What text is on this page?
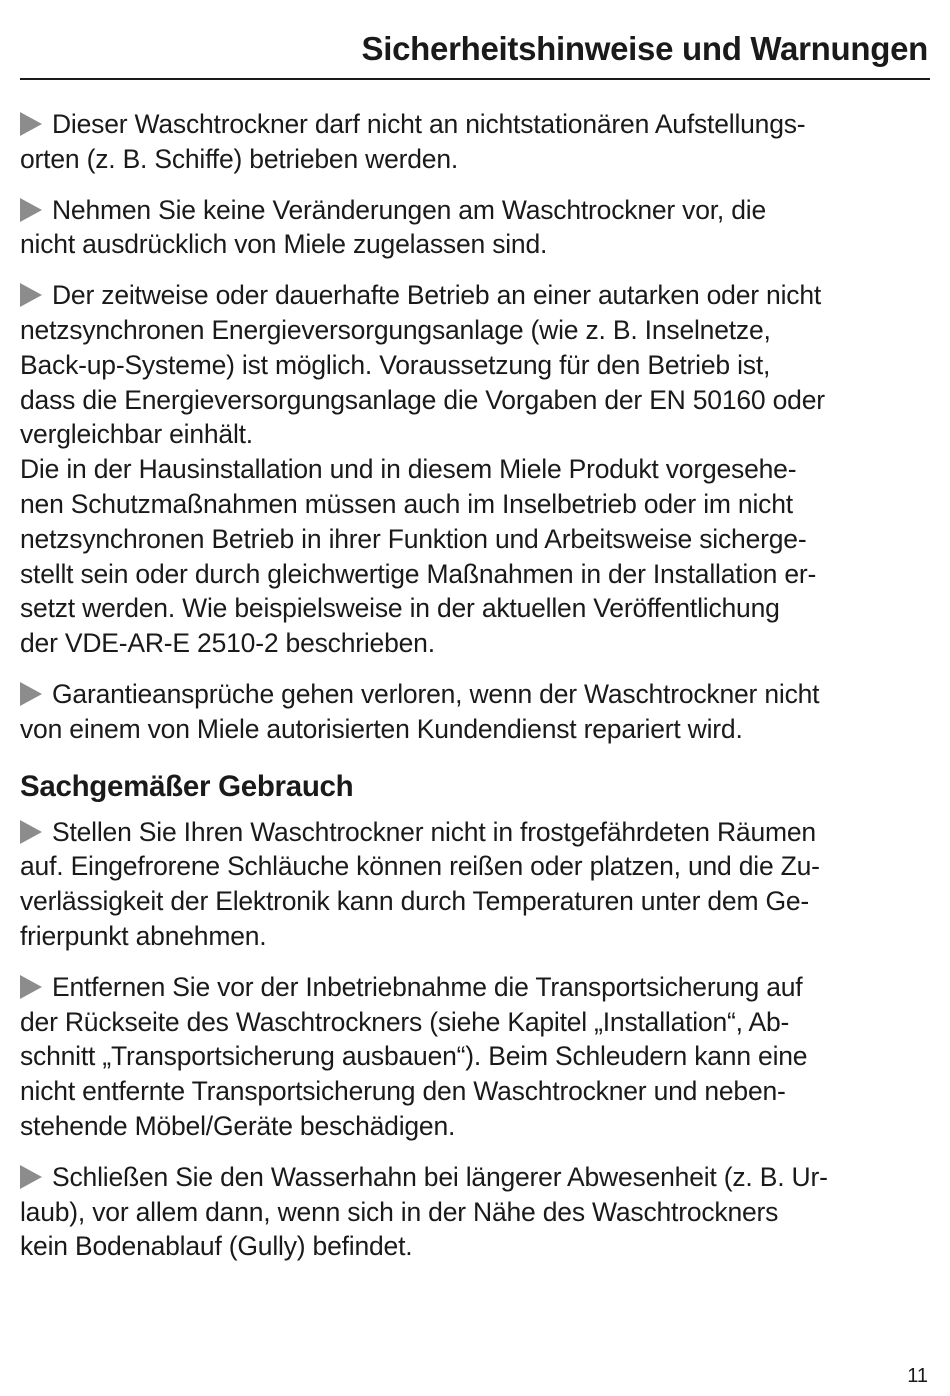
Sicherheitshinweise und Warnungen

Dieser Waschtrockner darf nicht an nichtstationären Aufstellungs-
orten (z. B. Schiffe) betrieben werden.

Nehmen Sie keine Veränderungen am Waschtrockner vor, die
nicht ausdrücklich von Miele zugelassen sind.

Der zeitweise oder dauerhafte Betrieb an einer autarken oder nicht
netzsynchronen Energieversorgungsanlage (wie z. B. Inselnetze,
Back-up-Systeme) ist möglich. Voraussetzung für den Betrieb ist,
dass die Energieversorgungsanlage die Vorgaben der EN 50160 oder
vergleichbar einhält.
Die in der Hausinstallation und in diesem Miele Produkt vorgesehe-
nen Schutzmaßnahmen müssen auch im Inselbetrieb oder im nicht
netzsynchronen Betrieb in ihrer Funktion und Arbeitsweise sicherge-
stellt sein oder durch gleichwertige Maßnahmen in der Installation er-
setzt werden. Wie beispielsweise in der aktuellen Veröffentlichung
der VDE-AR-E 2510-2 beschrieben.

Garantieansprüche gehen verloren, wenn der Waschtrockner nicht
von einem von Miele autorisierten Kundendienst repariert wird.

Sachgemäßer Gebrauch

Stellen Sie Ihren Waschtrockner nicht in frostgefährdeten Räumen
auf. Eingefrorene Schläuche können reißen oder platzen, und die Zu-
verlässigkeit der Elektronik kann durch Temperaturen unter dem Ge-
frierpunkt abnehmen.

Entfernen Sie vor der Inbetriebnahme die Transportsicherung auf
der Rückseite des Waschtrockners (siehe Kapitel „Installation“, Ab-
schnitt „Transportsicherung ausbauen“). Beim Schleudern kann eine
nicht entfernte Transportsicherung den Waschtrockner und neben-
stehende Möbel/Geräte beschädigen.

Schließen Sie den Wasserhahn bei längerer Abwesenheit (z. B. Ur-
laub), vor allem dann, wenn sich in der Nähe des Waschtrockners
kein Bodenablauf (Gully) befindet.

11
